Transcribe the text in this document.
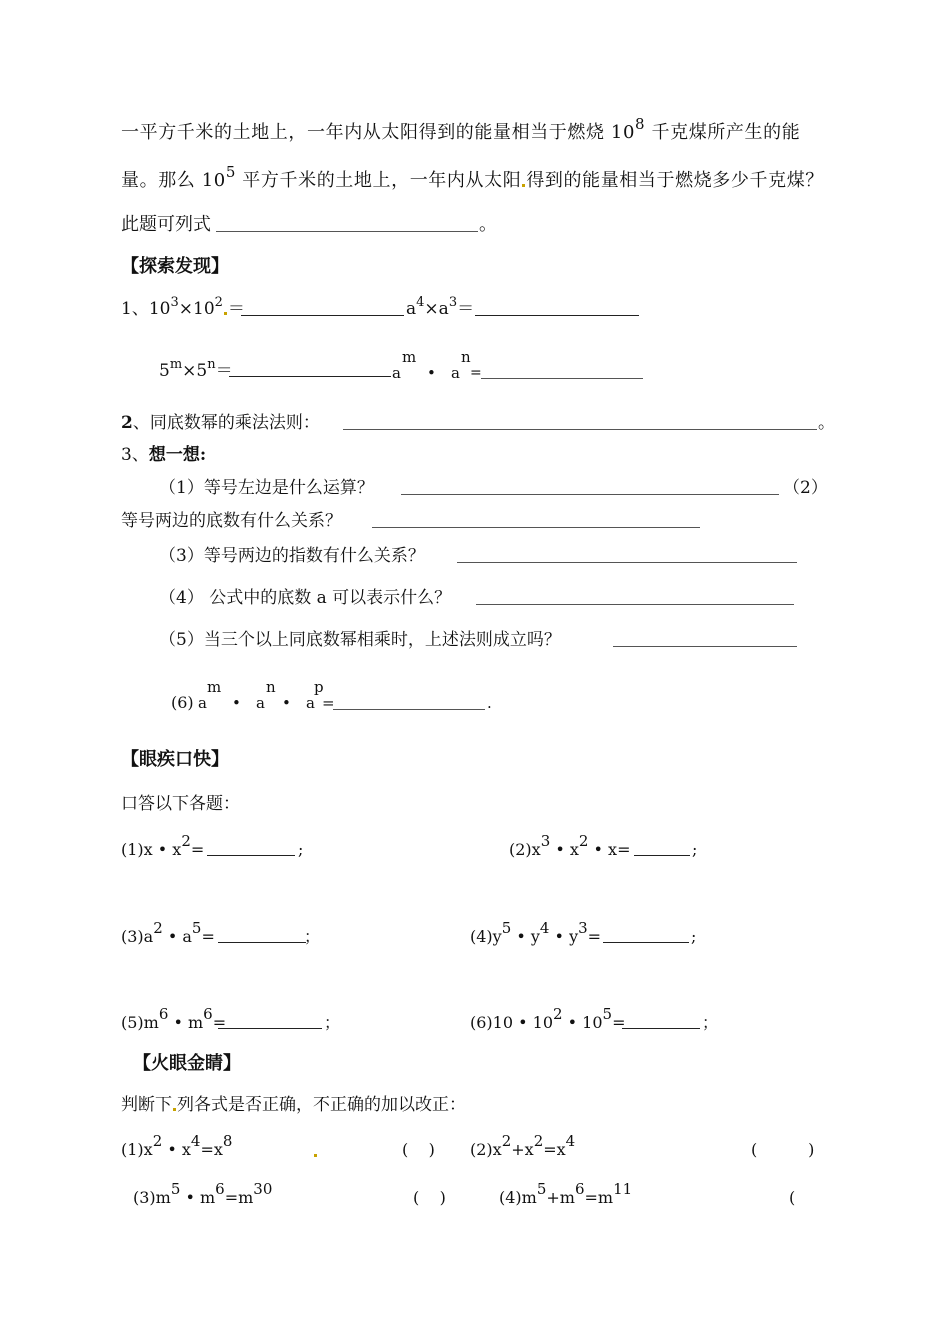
一平方千米的土地上，一年内从太阳得到的能量相当于燃烧 $10^8$ 千克煤所产生的能
量。那么 $10^5$ 平方千米的土地上，一年内从太阳 得到的能量相当于燃烧多少千克煤？
此题可列式	。
【探索发现】
1、$10^3\times 10^2$ ＝	$a^4\times a^3=$
$5^m\times 5^n=$	a
m
• a
n
=
2、同底数幂的乘法法则：	。
3、想一想:
（1）等号左边是什么运算？	（2）
等号两边的底数有什么关系？
（3）等号两边的指数有什么关系？
（4） 公式中的底数 a 可以表示什么？
（5）当三个以上同底数幂相乘时，上述法则成立吗？
(6) a
m
• a
n
• a
p
=	.
【眼疾口快】
口答以下各题：
(1)x • x2=	;	(2)x3 • x2 • x=	;
(3)a2 • a5=	；	(4)y5 • y4 • y3=	;
(5)m6 • m6=	；	(6)10 • 102 • 105=	；
【火眼金睛】
判断下 列各式是否正确，不正确的加以改正：
(1)x2 • x4=x8	(    ) (2)x2+x2=x4	(          )
(3)m5 • m6=m30	(    )	(4)m5+m6=m11	(
